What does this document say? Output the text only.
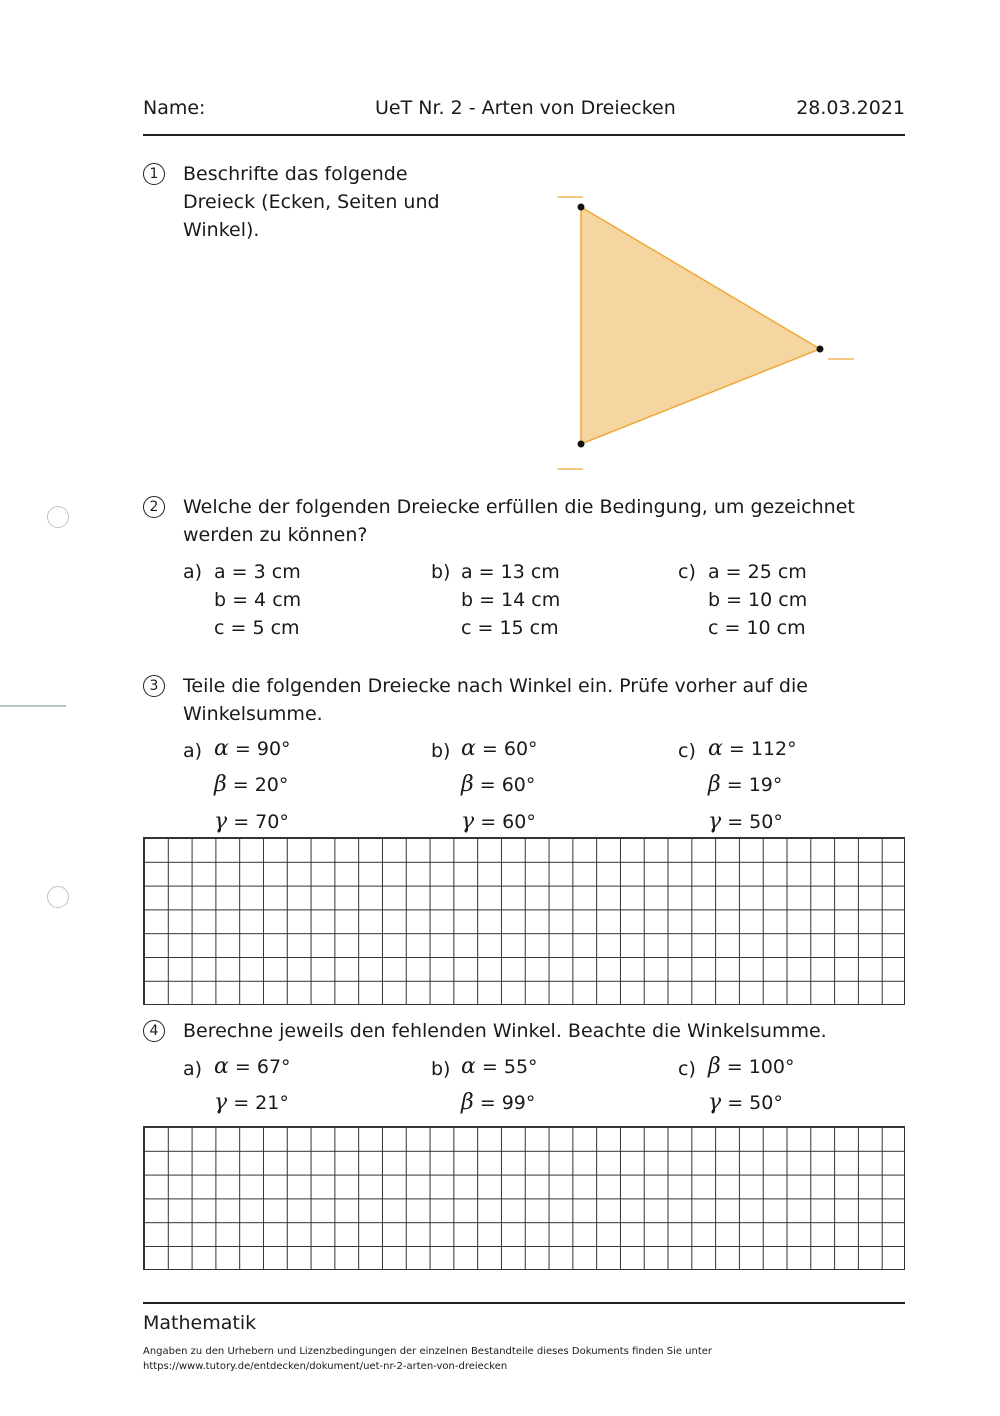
Name:	UeT Nr. 2 - Arten von Dreiecken	28.03.2021
1	Beschrifte das folgende
Dreieck (Ecken, Seiten und
Winkel).
2	Welche der folgenden Dreiecke erfüllen die Bedingung, um gezeichnet
werden zu können?
a) a = 3 cm
b = 4 cm
c = 5 cm
b) a = 13 cm
b = 14 cm
c = 15 cm
c) a = 25 cm
b = 10 cm
c = 10 cm
3	Teile die folgenden Dreiecke nach Winkel ein. Prüfe vorher auf die
Winkelsumme.
a) α = 90°
β = 20°
γ = 70°
b) α = 60°
β = 60°
γ = 60°
c) α = 112°
β = 19°
γ = 50°
4	Berechne jeweils den fehlenden Winkel. Beachte die Winkelsumme.
a) α = 67°
γ = 21°
b) α = 55°
β = 99°
c) β = 100°
γ = 50°
Mathematik
Angaben zu den Urhebern und Lizenzbedingungen der einzelnen Bestandteile dieses Dokuments finden Sie unter
https://www.tutory.de/entdecken/dokument/uet-nr-2-arten-von-dreiecken
